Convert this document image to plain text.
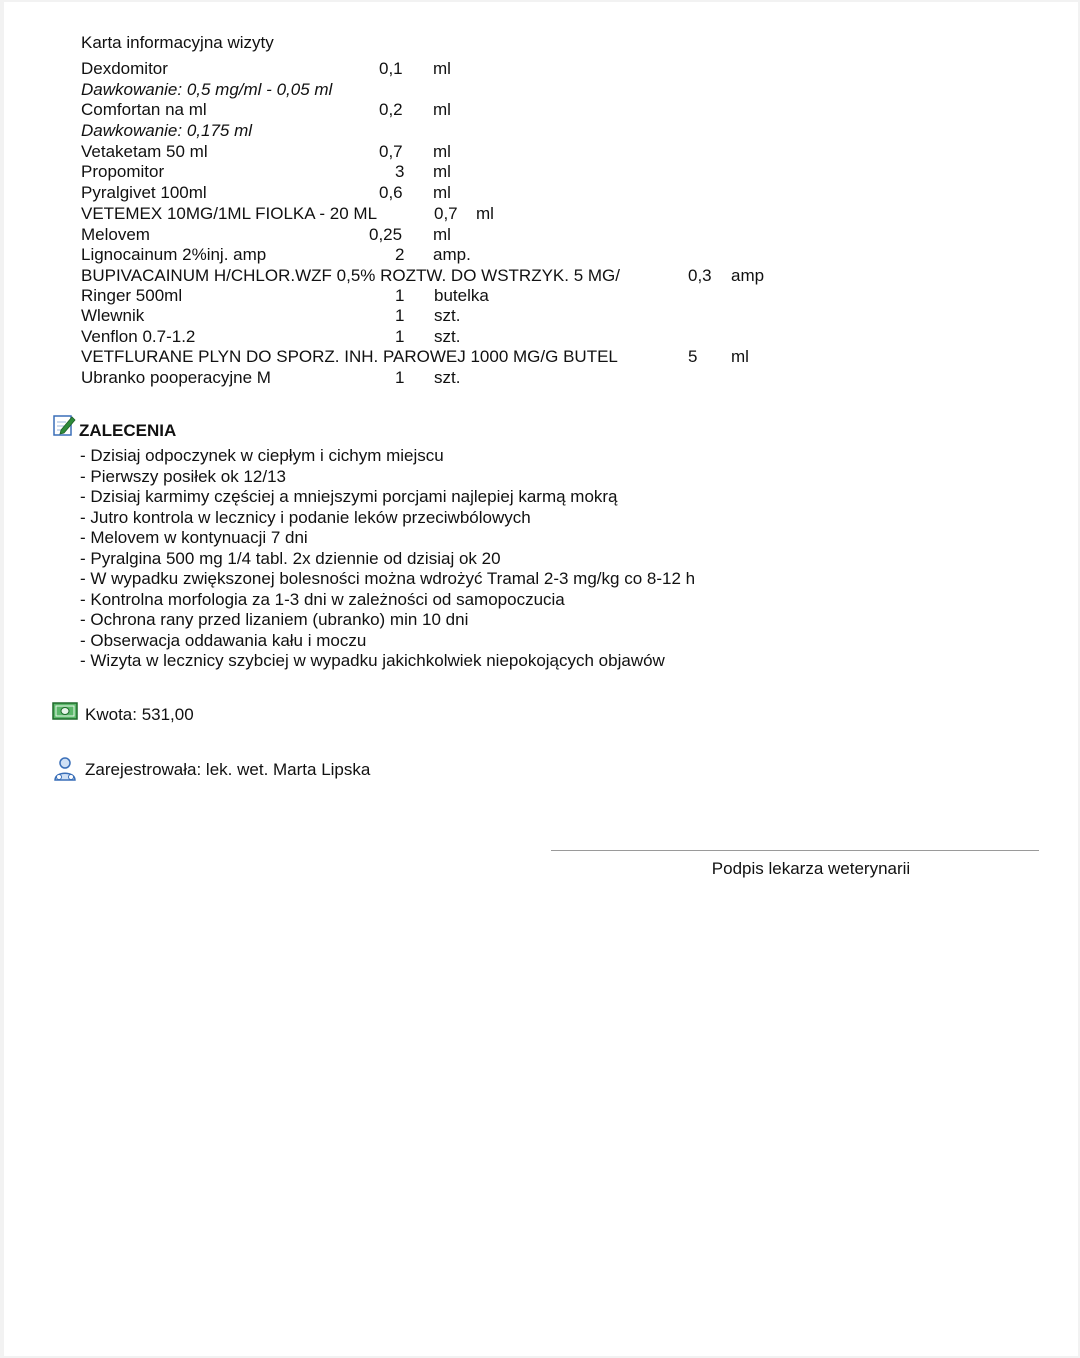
Karta informacyjna wizyty
Dexdomitor	0,1 ml
Dawkowanie: 0,5 mg/ml - 0,05 ml
Comfortan na ml	0,2 ml
Dawkowanie: 0,175 ml
Vetaketam 50 ml	0,7 ml
Propomitor	3 ml
Pyralgivet 100ml	0,6 ml
VETEMEX 10MG/1ML FIOLKA - 20 ML	0,7 ml
Melovem	0,25 ml
Lignocainum 2%inj. amp	2 amp.
BUPIVACAINUM H/CHLOR.WZF 0,5% ROZTW. DO WSTRZYK. 5 MG/	0,3 amp
Ringer 500ml	1 butelka
Wlewnik	1 szt.
Venflon 0.7-1.2	1 szt.
VETFLURANE PLYN DO SPORZ. INH. PAROWEJ 1000 MG/G BUTEL	5 ml
Ubranko pooperacyjne M	1 szt.
ZALECENIA
- Dzisiaj odpoczynek w ciepłym i cichym miejscu
- Pierwszy posiłek ok 12/13
- Dzisiaj karmimy częściej a mniejszymi porcjami najlepiej karmą mokrą
- Jutro kontrola w lecznicy i podanie leków przeciwbólowych
- Melovem w kontynuacji 7 dni
- Pyralgina 500 mg 1/4 tabl. 2x dziennie od dzisiaj ok 20
- W wypadku zwiększonej bolesności można wdrożyć Tramal 2-3 mg/kg co 8-12 h
- Kontrolna morfologia za 1-3 dni w zależności od samopoczucia
- Ochrona rany przed lizaniem (ubranko) min 10 dni
- Obserwacja oddawania kału i moczu
- Wizyta w lecznicy szybciej w wypadku jakichkolwiek niepokojących objawów
Kwota: 531,00
Zarejestrowała: lek. wet. Marta Lipska
Podpis lekarza weterynarii
